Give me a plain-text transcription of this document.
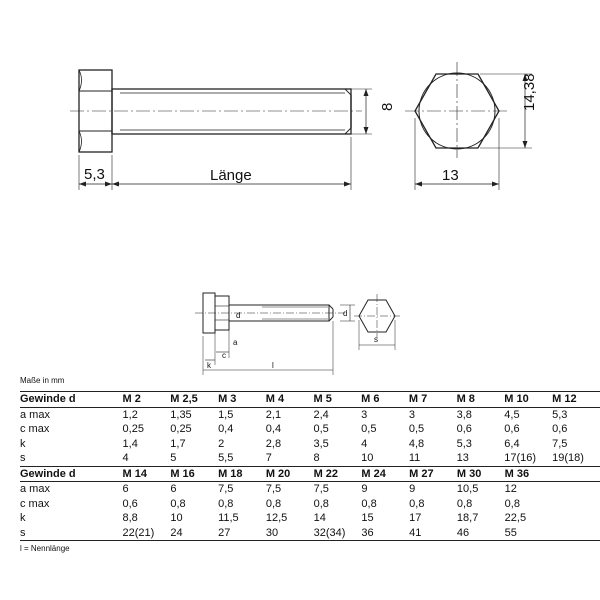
5,3	Länge
8	14,38
13
d
s
k	l
c
a
d
Maße in mm
Gewinde d	M 2	M 2,5	M 3	M 4	M 5	M 6	M 7	M 8	M 10	M 12
a max	1,2	1,35	1,5	2,1	2,4	3	3	3,8	4,5	5,3
c max	0,25	0,25	0,4	0,4	0,5	0,5	0,5	0,6	0,6	0,6
k	1,4	1,7	2	2,8	3,5	4	4,8	5,3	6,4	7,5
s	4	5	5,5	7	8	10	11	13	17(16)	19(18)
Gewinde d	M 14	M 16	M 18	M 20	M 22	M 24	M 27	M 30	M 36	
a max	6	6	7,5	7,5	7,5	9	9	10,5	12	
c max	0,6	0,8	0,8	0,8	0,8	0,8	0,8	0,8	0,8	
k	8,8	10	11,5	12,5	14	15	17	18,7	22,5	
s	22(21)	24	27	30	32(34)	36	41	46	55	
l = Nennlänge
